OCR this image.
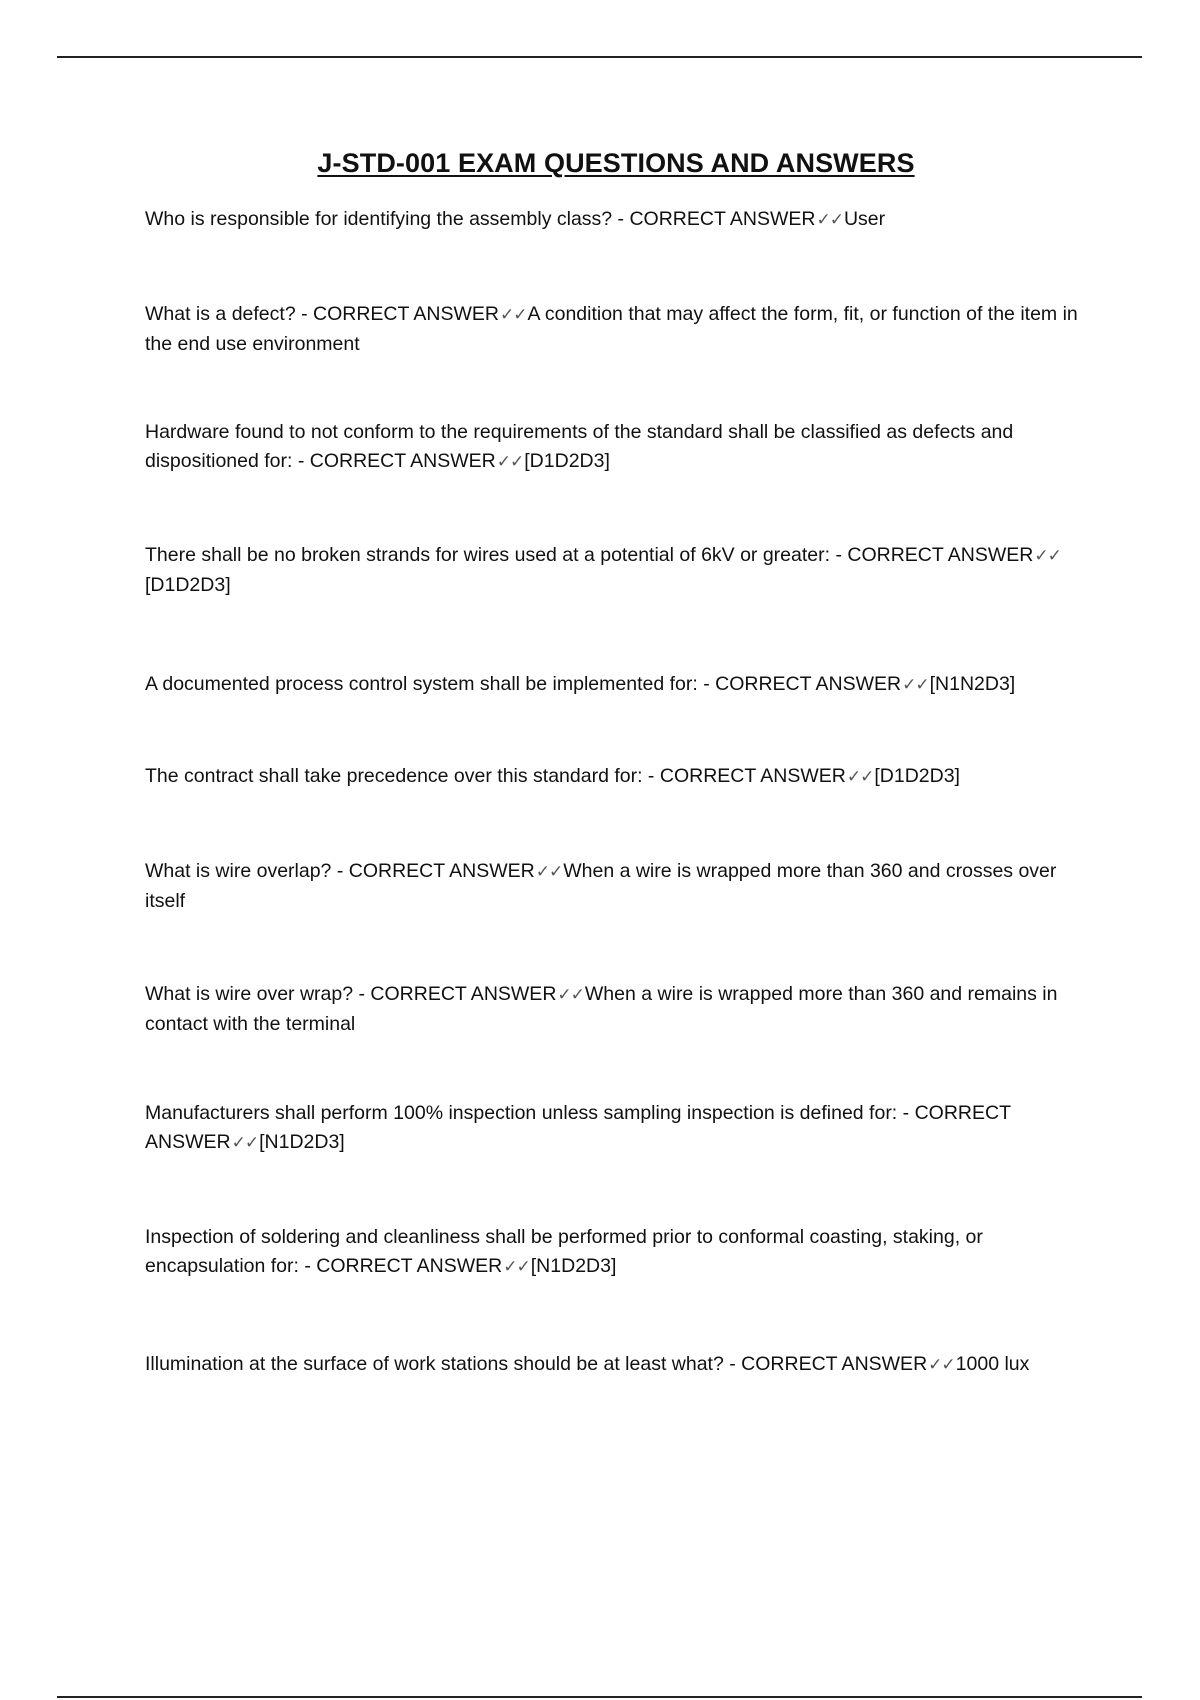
J-STD-001 EXAM QUESTIONS AND ANSWERS

Who is responsible for identifying the assembly class? - CORRECT ANSWER✓✓User

What is a defect? - CORRECT ANSWER✓✓A condition that may affect the form, fit, or function of the item in the end use environment

Hardware found to not conform to the requirements of the standard shall be classified as defects and dispositioned for: - CORRECT ANSWER✓✓[D1D2D3]

There shall be no broken strands for wires used at a potential of 6kV or greater: - CORRECT ANSWER✓✓[D1D2D3]

A documented process control system shall be implemented for: - CORRECT ANSWER✓✓[N1N2D3]

The contract shall take precedence over this standard for: - CORRECT ANSWER✓✓[D1D2D3]

What is wire overlap? - CORRECT ANSWER✓✓When a wire is wrapped more than 360 and crosses over itself

What is wire over wrap? - CORRECT ANSWER✓✓When a wire is wrapped more than 360 and remains in contact with the terminal

Manufacturers shall perform 100% inspection unless sampling inspection is defined for: - CORRECT ANSWER✓✓[N1D2D3]

Inspection of soldering and cleanliness shall be performed prior to conformal coasting, staking, or encapsulation for: - CORRECT ANSWER✓✓[N1D2D3]

Illumination at the surface of work stations should be at least what? - CORRECT ANSWER✓✓1000 lux
